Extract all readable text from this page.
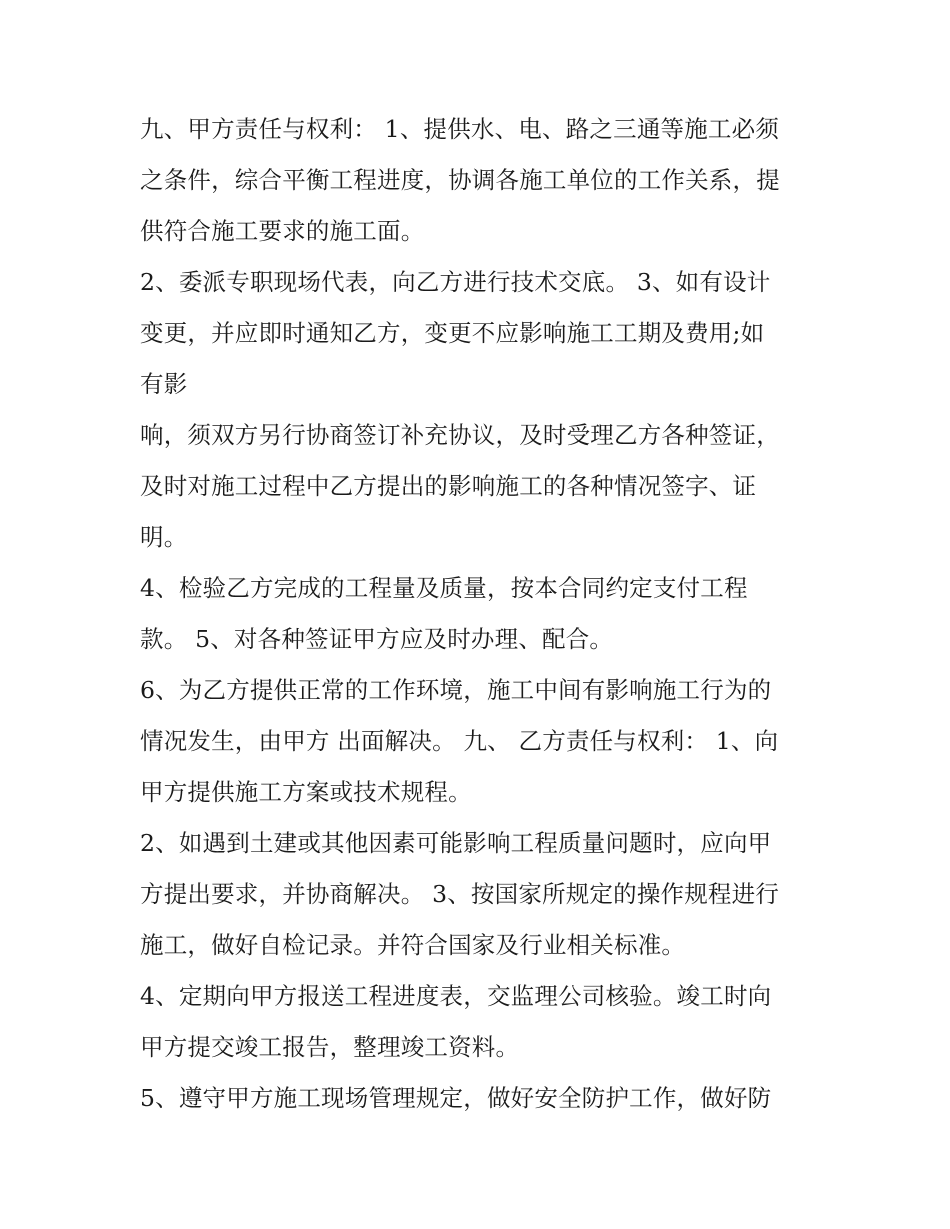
九、甲方责任与权利： 1、提供水、电、路之三通等施工必须
之条件，综合平衡工程进度，协调各施工单位的工作关系，提
供符合施工要求的施工面。
2、委派专职现场代表，向乙方进行技术交底。 3、如有设计
变更，并应即时通知乙方，变更不应影响施工工期及费用;如
有影
响，须双方另行协商签订补充协议，及时受理乙方各种签证，
及时对施工过程中乙方提出的影响施工的各种情况签字、证
明。
4、检验乙方完成的工程量及质量，按本合同约定支付工程
款。 5、对各种签证甲方应及时办理、配合。
6、为乙方提供正常的工作环境，施工中间有影响施工行为的
情况发生，由甲方 出面解决。 九、 乙方责任与权利： 1、向
甲方提供施工方案或技术规程。
2、如遇到土建或其他因素可能影响工程质量问题时，应向甲
方提出要求，并协商解决。 3、按国家所规定的操作规程进行
施工，做好自检记录。并符合国家及行业相关标准。
4、定期向甲方报送工程进度表，交监理公司核验。竣工时向
甲方提交竣工报告，整理竣工资料。
5、遵守甲方施工现场管理规定，做好安全防护工作，做好防
